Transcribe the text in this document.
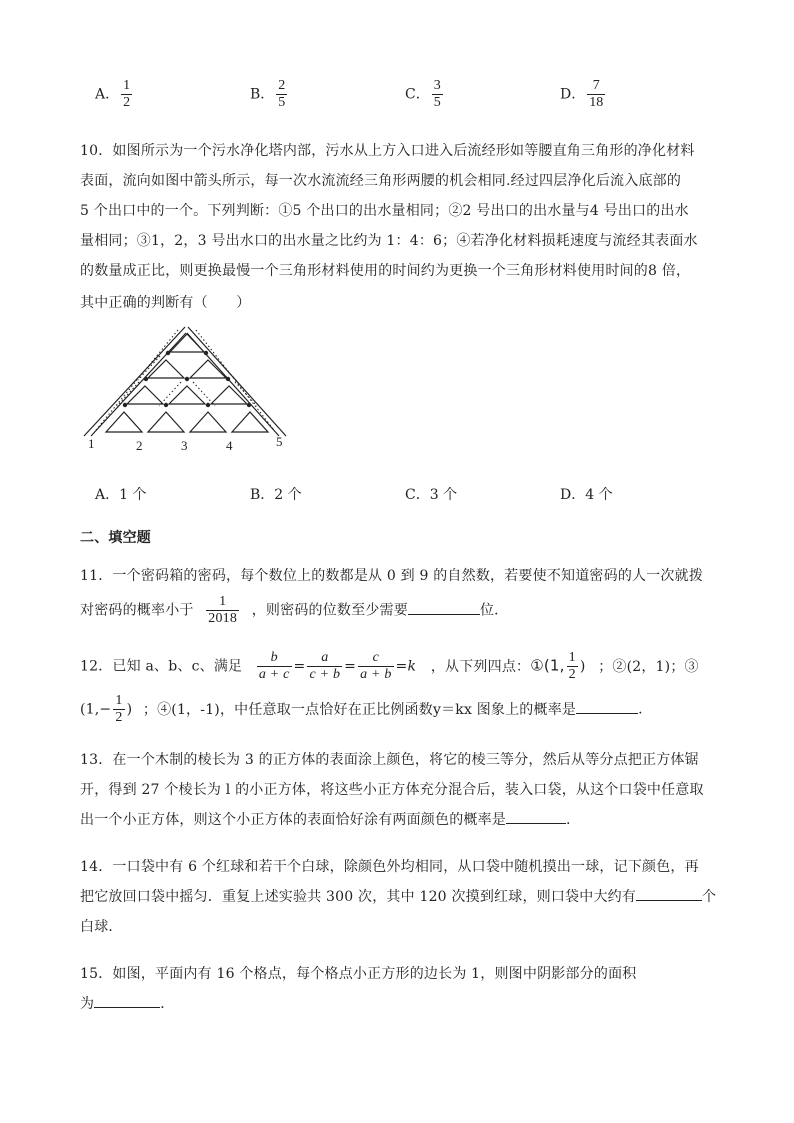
A． $\frac{1}{2}$	B． $\frac{2}{5}$	C． $\frac{3}{5}$	D． $\frac{7}{18}$
10．如图所示为一个污水净化塔内部，污水从上方入口进入后流经形如等腰直角三角形的净化材料
表面，流向如图中箭头所示，每一次水流流经三角形两腰的机会相同.经过四层净化后流入底部的
5 个出口中的一个。下列判断：①5 个出口的出水量相同；②2 号出口的出水量与4 号出口的出水
量相同；③1，2，3 号出水口的出水量之比约为 1：4：6；④若净化材料损耗速度与流经其表面水
的数量成正比，则更换最慢一个三角形材料使用的时间约为更换一个三角形材料使用时间的8 倍，
其中正确的判断有（　　）
1	2	3	4	5
A．1 个	B．2 个	C．3 个	D．4 个
二、填空题
11．一个密码箱的密码，每个数位上的数都是从 0 到 9 的自然数，若要使不知道密码的人一次就拨
对密码的概率小于 $\frac{1}{2018}$ ，则密码的位数至少需要	位．
12．已知 a、b、c、满足 $\frac{b}{a + c} = \frac{a}{c + b} = \frac{c}{a + b} =k$ ，从下列四点：①(1, $\frac{1}{2}$ ) ；②(2，1)；③
($1,- \frac{1}{2}$ ) ；④(1，-1)，中任意取一点恰好在正比例函数y＝kx 图象上的概率是	.
13．在一个木制的棱长为 3 的正方体的表面涂上颜色，将它的棱三等分，然后从等分点把正方体锯
开，得到 27 个棱长为 l 的小正方体，将这些小正方体充分混合后，装入口袋，从这个口袋中任意取
出一个小正方体，则这个小正方体的表面恰好涂有两面颜色的概率是	.
14．一口袋中有 6 个红球和若干个白球，除颜色外均相同，从口袋中随机摸出一球，记下颜色，再
把它放回口袋中摇匀．重复上述实验共 300 次，其中 120 次摸到红球，则口袋中大约有	个
白球．
15．如图，平面内有 16 个格点，每个格点小正方形的边长为 1，则图中阴影部分的面积
为	．
